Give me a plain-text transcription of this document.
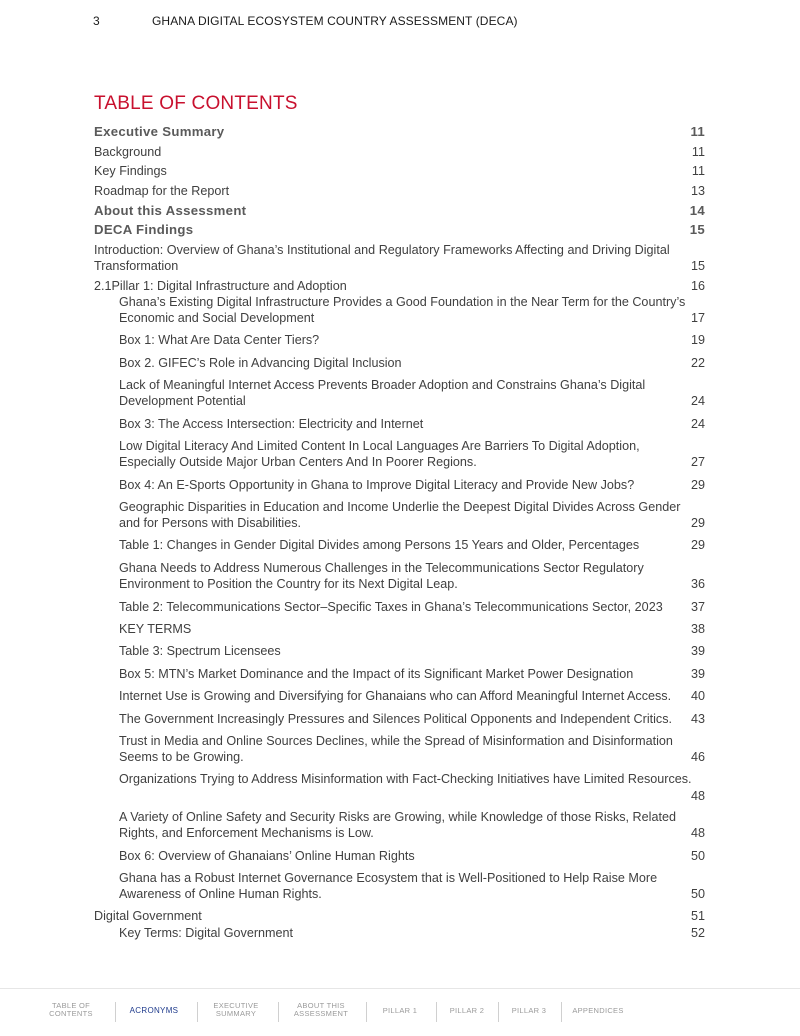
3	GHANA DIGITAL ECOSYSTEM COUNTRY ASSESSMENT (DECA)
TABLE OF CONTENTS
Executive Summary	11
Background	11
Key Findings	11
Roadmap for the Report	13
About this Assessment	14
DECA Findings	15
Introduction: Overview of Ghana’s Institutional and Regulatory Frameworks Affecting and Driving Digital
Transformation	15
2.1Pillar 1: Digital Infrastructure and Adoption	16
Ghana’s Existing Digital Infrastructure Provides a Good Foundation in the Near Term for the Country’s
Economic and Social Development	17
Box 1: What Are Data Center Tiers?	19
Box 2. GIFEC’s Role in Advancing Digital Inclusion	22
Lack of Meaningful Internet Access Prevents Broader Adoption and Constrains Ghana’s Digital
Development Potential	24
Box 3: The Access Intersection: Electricity and Internet	24
Low Digital Literacy And Limited Content In Local Languages Are Barriers To Digital Adoption,
Especially Outside Major Urban Centers And In Poorer Regions.	27
Box 4: An E-Sports Opportunity in Ghana to Improve Digital Literacy and Provide New Jobs?	29
Geographic Disparities in Education and Income Underlie the Deepest Digital Divides Across Gender
and for Persons with Disabilities.	29
Table 1: Changes in Gender Digital Divides among Persons 15 Years and Older, Percentages	29
Ghana Needs to Address Numerous Challenges in the Telecommunications Sector Regulatory
Environment to Position the Country for its Next Digital Leap.	36
Table 2: Telecommunications Sector–Specific Taxes in Ghana’s Telecommunications Sector, 2023 37
KEY TERMS	38
Table 3: Spectrum Licensees	39
Box 5: MTN’s Market Dominance and the Impact of its Significant Market Power Designation	39
Internet Use is Growing and Diversifying for Ghanaians who can Afford Meaningful Internet Access. 40
The Government Increasingly Pressures and Silences Political Opponents and Independent Critics. 43
Trust in Media and Online Sources Declines, while the Spread of Misinformation and Disinformation
Seems to be Growing.	46
Organizations Trying to Address Misinformation with Fact-Checking Initiatives have Limited Resources.
48
A Variety of Online Safety and Security Risks are Growing, while Knowledge of those Risks, Related
Rights, and Enforcement Mechanisms is Low.	48
Box 6: Overview of Ghanaians’ Online Human Rights	50
Ghana has a Robust Internet Governance Ecosystem that is Well-Positioned to Help Raise More
Awareness of Online Human Rights.	50
Digital Government	51
Key Terms: Digital Government	52
TABLE OF CONTENTS	ACRONYMS
EXECUTIVE SUMMARY
ABOUT THIS ASSESSMENT	PILLAR 1	PILLAR 2	PILLAR 3	APPENDICES
